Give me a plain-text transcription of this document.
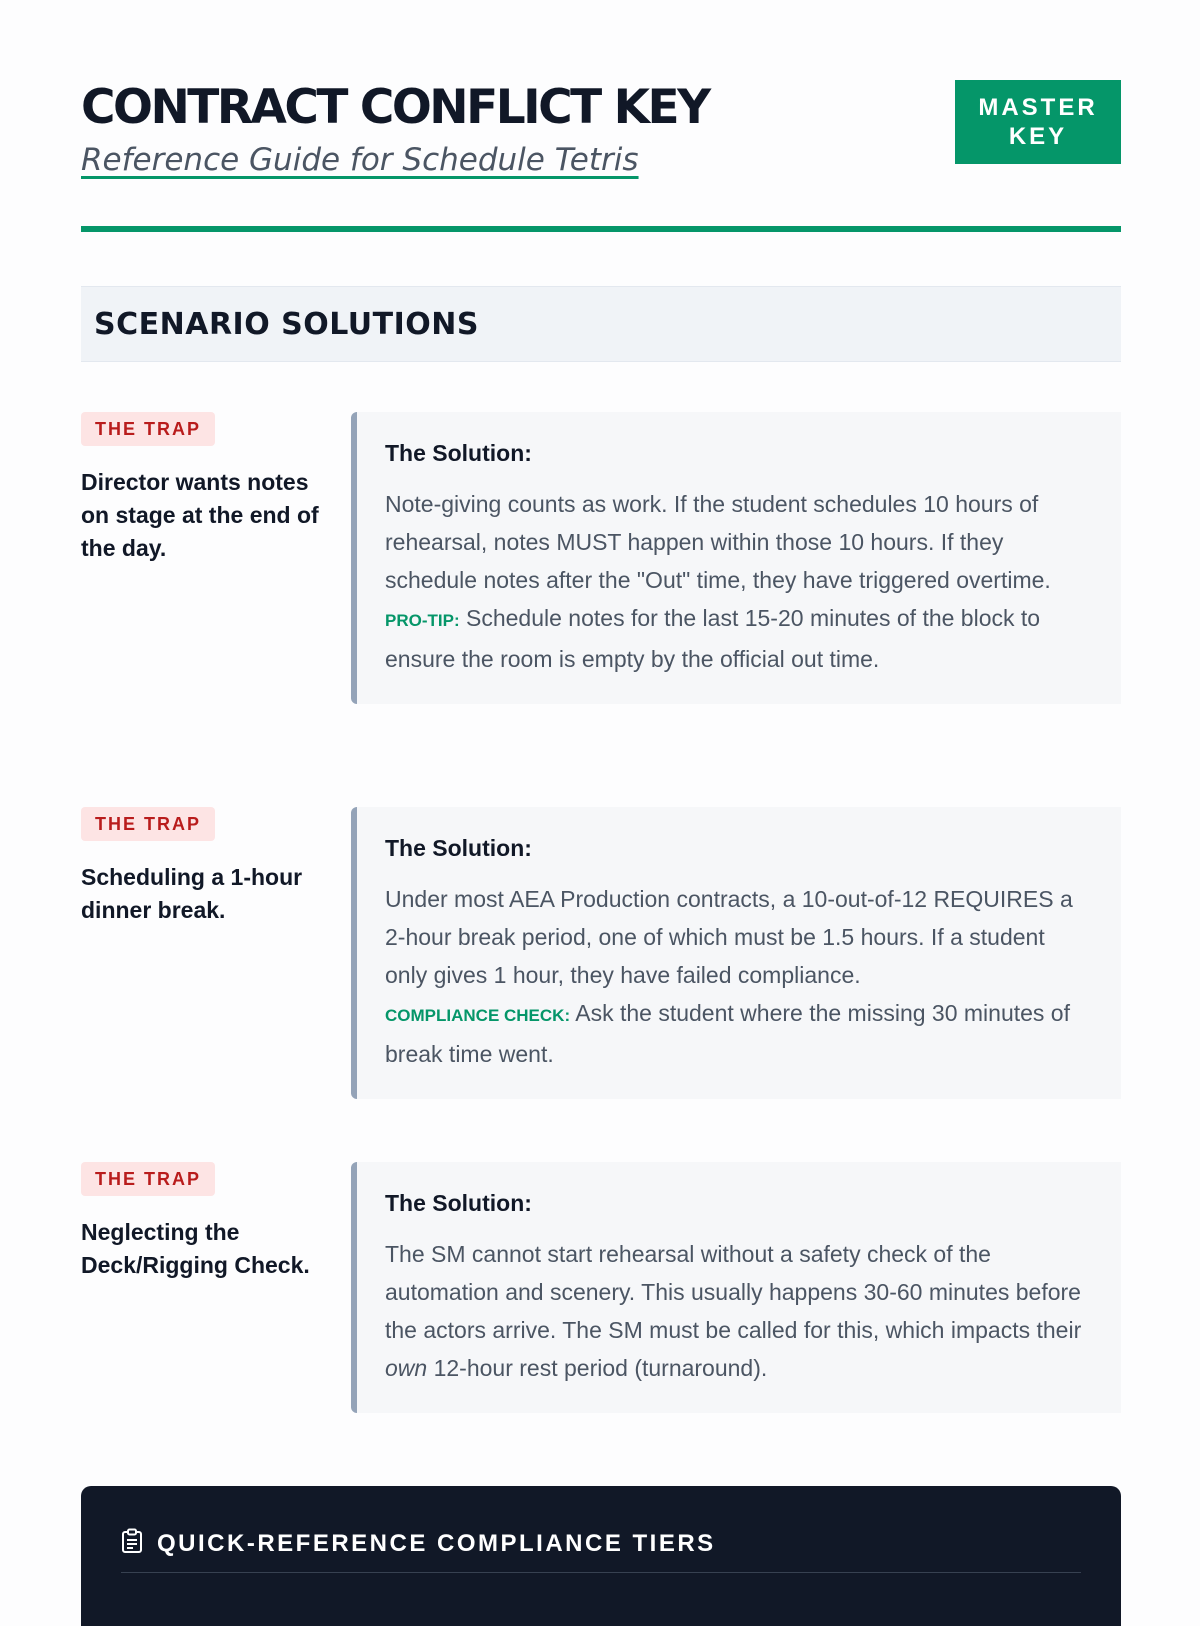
CONTRACT CONFLICT KEY

Reference Guide for Schedule Tetris

MASTER KEY
SCENARIO SOLUTIONS
THE TRAP
Director wants notes on stage at the end of the day.
The Solution:
Note-giving counts as work. If the student schedules 10 hours of rehearsal, notes MUST happen within those 10 hours. If they schedule notes after the "Out" time, they have triggered overtime.
PRO-TIP: Schedule notes for the last 15-20 minutes of the block to ensure the room is empty by the official out time.
THE TRAP
Scheduling a 1-hour dinner break.
The Solution:
Under most AEA Production contracts, a 10-out-of-12 REQUIRES a 2-hour break period, one of which must be 1.5 hours. If a student only gives 1 hour, they have failed compliance.
COMPLIANCE CHECK: Ask the student where the missing 30 minutes of break time went.
THE TRAP
Neglecting the Deck/Rigging Check.
The Solution:
The SM cannot start rehearsal without a safety check of the automation and scenery. This usually happens 30-60 minutes before the actors arrive. The SM must be called for this, which impacts their own 12-hour rest period (turnaround).
QUICK-REFERENCE COMPLIANCE TIERS
